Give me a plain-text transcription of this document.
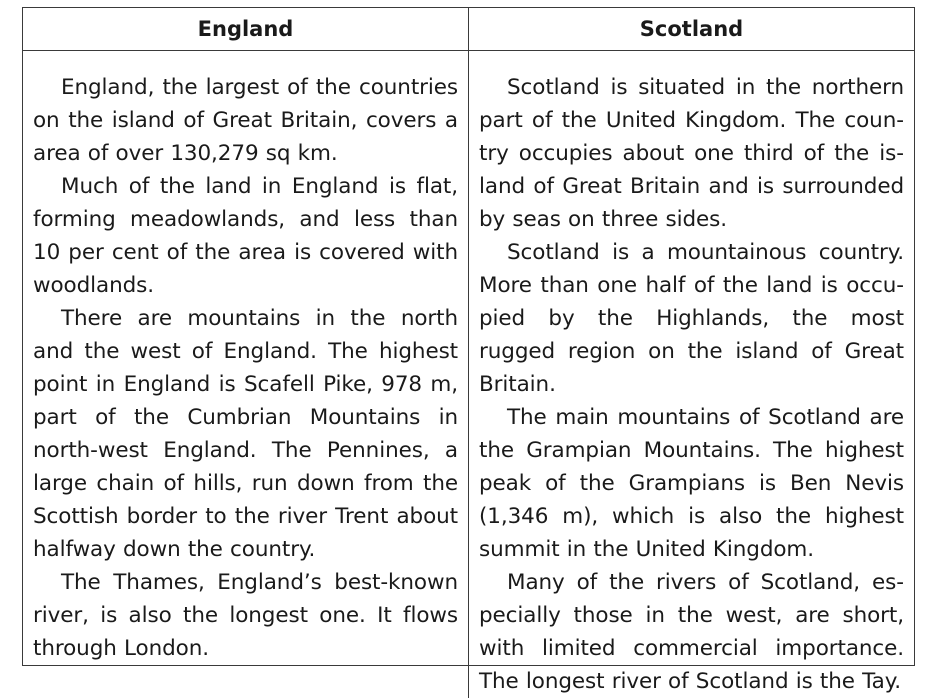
England	Scotland

England, the largest of the countries on the island of Great Britain, covers a area of over 130,279 sq km.

Much of the land in England is flat, forming meadowlands, and less than 10 per cent of the area is covered with woodlands.

There are mountains in the north and the west of England. The highest point in England is Scafell Pike, 978 m, part of the Cumbrian Mountains in north-west England. The Pennines, a large chain of hills, run down from the Scottish border to the river Trent about halfway down the country.

The Thames, England’s best-known river, is also the longest one. It flows through London.

Scotland is situated in the northern part of the United Kingdom. The country occupies about one third of the island of Great Britain and is surrounded by seas on three sides.

Scotland is a mountainous country. More than one half of the land is occupied by the Highlands, the most rugged region on the island of Great Britain.

The main mountains of Scotland are the Grampian Mountains. The highest peak of the Grampians is Ben Nevis (1,346 m), which is also the highest summit in the United Kingdom.

Many of the rivers of Scotland, especially those in the west, are short, with limited commercial importance. The longest river of Scotland is the Tay.
